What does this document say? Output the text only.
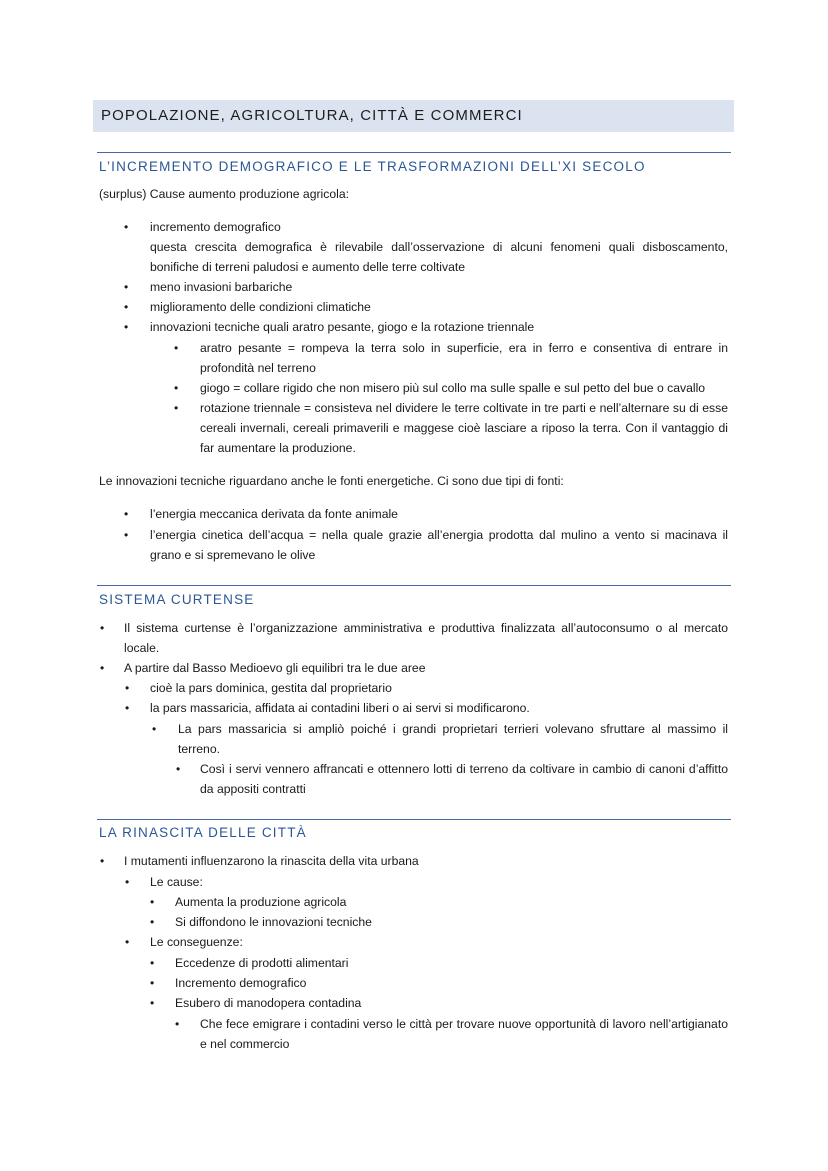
POPOLAZIONE, AGRICOLTURA, CITTÀ E COMMERCI
L’INCREMENTO DEMOGRAFICO E LE TRASFORMAZIONI DELL’XI SECOLO
(surplus) Cause aumento produzione agricola:
• incremento demografico
questa crescita demografica è rilevabile dall’osservazione di alcuni fenomeni quali disboscamento, bonifiche di terreni paludosi e aumento delle terre coltivate
• meno invasioni barbariche
• miglioramento delle condizioni climatiche
• innovazioni tecniche quali aratro pesante, giogo e la rotazione triennale
• aratro pesante = rompeva la terra solo in superficie, era in ferro e consentiva di entrare in profondità nel terreno
• giogo = collare rigido che non misero più sul collo ma sulle spalle e sul petto del bue o cavallo
• rotazione triennale = consisteva nel dividere le terre coltivate in tre parti e nell’alternare su di esse cereali invernali, cereali primaverili e maggese cioè lasciare a riposo la terra. Con il vantaggio di far aumentare la produzione.
Le innovazioni tecniche riguardano anche le fonti energetiche. Ci sono due tipi di fonti:
• l’energia meccanica derivata da fonte animale
• l’energia cinetica dell’acqua = nella quale grazie all’energia prodotta dal mulino a vento si macinava il grano e si spremevano le olive
SISTEMA CURTENSE
• Il sistema curtense è l’organizzazione amministrativa e produttiva finalizzata all’autoconsumo o al mercato locale.
• A partire dal Basso Medioevo gli equilibri tra le due aree
• cioè la pars dominica, gestita dal proprietario
• la pars massaricia, affidata ai contadini liberi o ai servi si modificarono.
• La pars massaricia si ampliò poiché i grandi proprietari terrieri volevano sfruttare al massimo il terreno.
• Così i servi vennero affrancati e ottennero lotti di terreno da coltivare in cambio di canoni d’affitto da appositi contratti
LA RINASCITA DELLE CITTÀ
• I mutamenti influenzarono la rinascita della vita urbana
• Le cause:
• Aumenta la produzione agricola
• Si diffondono le innovazioni tecniche
• Le conseguenze:
• Eccedenze di prodotti alimentari
• Incremento demografico
• Esubero di manodopera contadina
• Che fece emigrare i contadini verso le città per trovare nuove opportunità di lavoro nell’artigianato e nel commercio
